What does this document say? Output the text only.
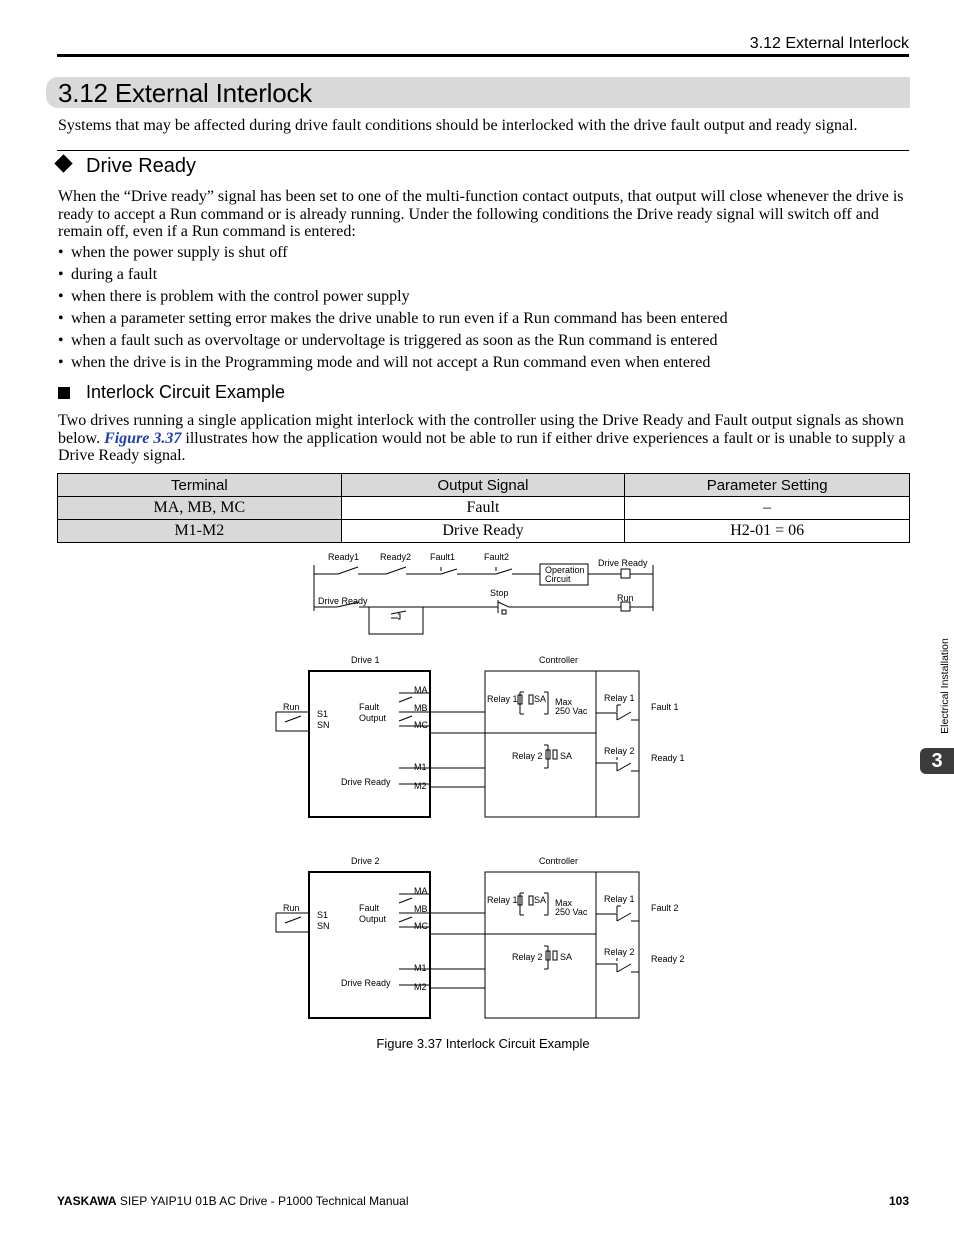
3.12 External Interlock
3.12 External Interlock
Systems that may be affected during drive fault conditions should be interlocked with the drive fault output and ready signal.
Drive Ready
When the “Drive ready” signal has been set to one of the multi-function contact outputs, that output will close whenever the drive is ready to accept a Run command or is already running. Under the following conditions the Drive ready signal will switch off and remain off, even if a Run command is entered:
• when the power supply is shut off
• during a fault
• when there is problem with the control power supply
• when a parameter setting error makes the drive unable to run even if a Run command has been entered
• when a fault such as overvoltage or undervoltage is triggered as soon as the Run command is entered
• when the drive is in the Programming mode and will not accept a Run command even when entered
Interlock Circuit Example
Two drives running a single application might interlock with the controller using the Drive Ready and Fault output signals as shown below. Figure 3.37 illustrates how the application would not be able to run if either drive experiences a fault or is unable to supply a Drive Ready signal.
Terminal	Output Signal	Parameter Setting
MA, MB, MC	Fault	–
M1-M2	Drive Ready	H2-01 = 06
Ready1 Ready2 Fault1	Fault2
Operation
Circuit
Drive Ready
Drive Ready
Stop	Run
Drive 1	Controller
Run
S1
SN
Fault
Output
MA
MB
MC
M1
M2
Drive Ready
Relay 1 SA Max
250 Vac
Relay 2 SA
Relay 1
Relay 2
Fault 1
Ready 1
Drive 2	Controller
Run
S1
SN
Fault
Output
MA
MB
MC
M1
M2
Drive Ready
Relay 1 SA Max
250 Vac
Relay 2 SA
Relay 1
Relay 2
Fault 2
Ready 2
Figure 3.37 Interlock Circuit Example
Electrical Installation
3
YASKAWA SIEP YAIP1U 01B AC Drive - P1000 Technical Manual	103
